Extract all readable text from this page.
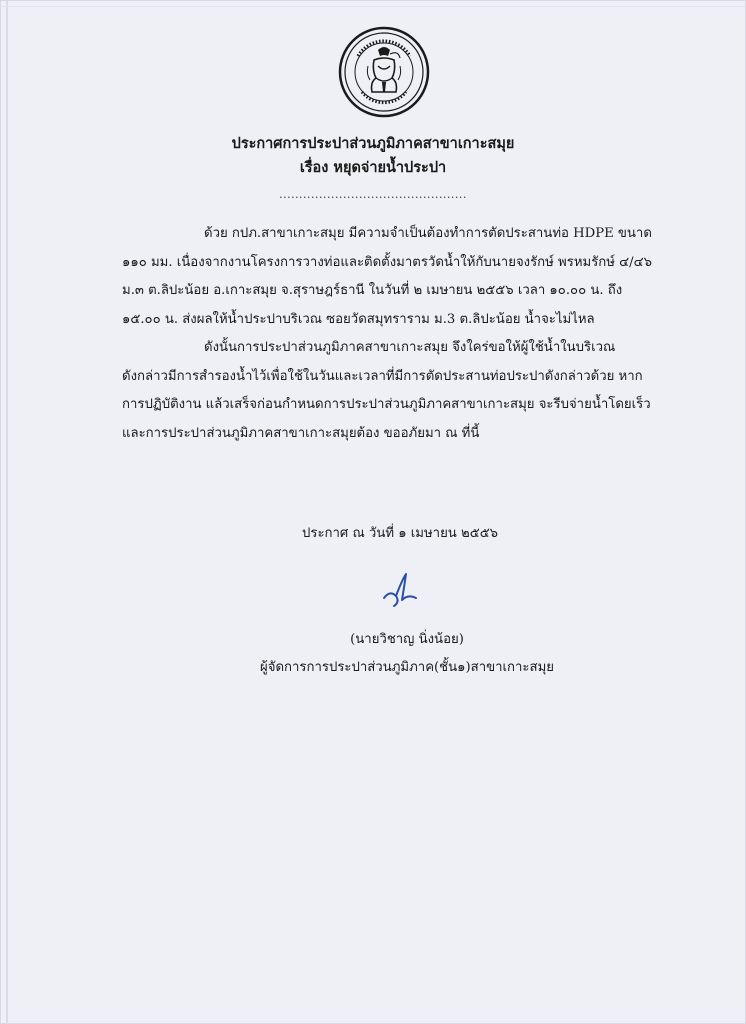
ประกาศการประปาส่วนภูมิภาคสาขาเกาะสมุย
เรื่อง หยุดจ่ายน้ำประปา
...............................................

ด้วย กปภ.สาขาเกาะสมุย มีความจำเป็นต้องทำการตัดประสานท่อ HDPE ขนาด

๑๑๐ มม. เนื่องจากงานโครงการวางท่อและติดตั้งมาตรวัดน้ำให้กับนายจงรักษ์ พรหมรักษ์ ๔/๔๖
ม.๓ ต.ลิปะน้อย อ.เกาะสมุย จ.สุราษฎร์ธานี ในวันที่ ๒ เมษายน ๒๕๕๖ เวลา ๑๐.๐๐ น. ถึง
๑๕.๐๐ น. ส่งผลให้น้ำประปาบริเวณ ซอยวัดสมุทราราม ม.3 ต.ลิปะน้อย น้ำจะไม่ไหล

ดังนั้นการประปาส่วนภูมิภาคสาขาเกาะสมุย จึงใคร่ขอให้ผู้ใช้น้ำในบริเวณ

ดังกล่าวมีการสำรองน้ำไว้เพื่อใช้ในวันและเวลาที่มีการตัดประสานท่อประปาดังกล่าวด้วย หาก
การปฏิบัติงาน แล้วเสร็จก่อนกำหนดการประปาส่วนภูมิภาคสาขาเกาะสมุย จะรีบจ่ายน้ำโดยเร็ว
และการประปาส่วนภูมิภาคสาขาเกาะสมุยต้อง ขออภัยมา ณ ที่นี้

ประกาศ ณ วันที่ ๑ เมษายน ๒๕๕๖
(นายวิชาญ นิ่งน้อย)
ผู้จัดการการประปาส่วนภูมิภาค(ชั้น๑)สาขาเกาะสมุย
